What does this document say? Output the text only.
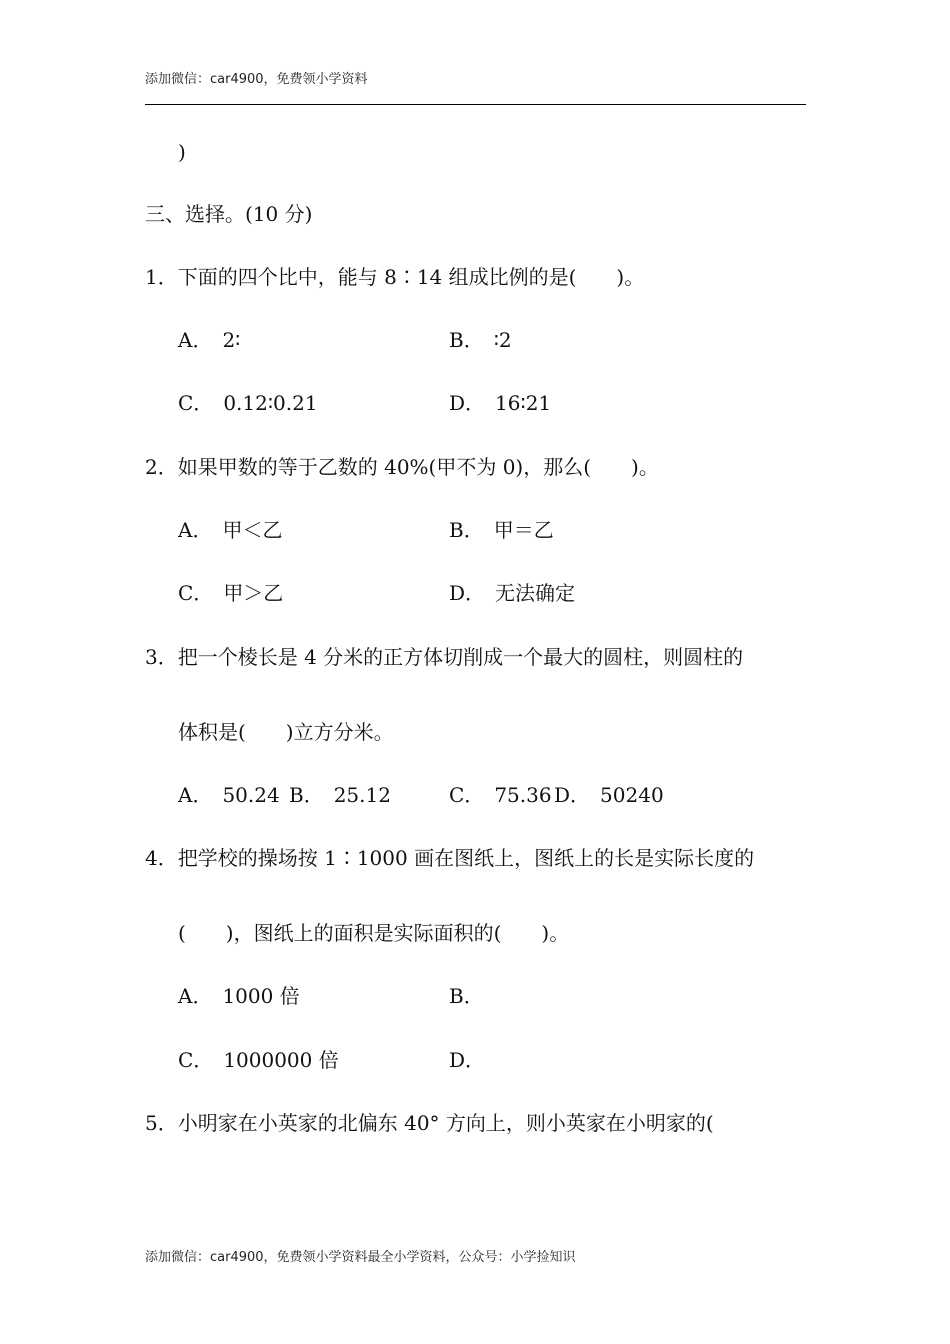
添加微信：car4900，免费领小学资料
)
三、选择。(10 分)
1．下面的四个比中，能与 8∶14 组成比例的是(　　)。
A． 2∶	B． ∶2
C． 0.12∶0.21	D． 16∶21
2．如果甲数的等于乙数的 40%(甲不为 0)，那么(　　)。
A． 甲＜乙	B． 甲＝乙
C． 甲＞乙	D． 无法确定
3．把一个棱长是 4 分米的正方体切削成一个最大的圆柱，则圆柱的
体积是(　　)立方分米。
A． 50.24 B． 25.12	C． 75.36 D． 50240
4．把学校的操场按 1∶1000 画在图纸上，图纸上的长是实际长度的
(　　)，图纸上的面积是实际面积的(　　)。
A． 1000 倍	B．
C． 1000000 倍	D．
5．小明家在小英家的北偏东 40° 方向上，则小英家在小明家的(
添加微信：car4900，免费领小学资料最全小学资料，公众号：小学捡知识
